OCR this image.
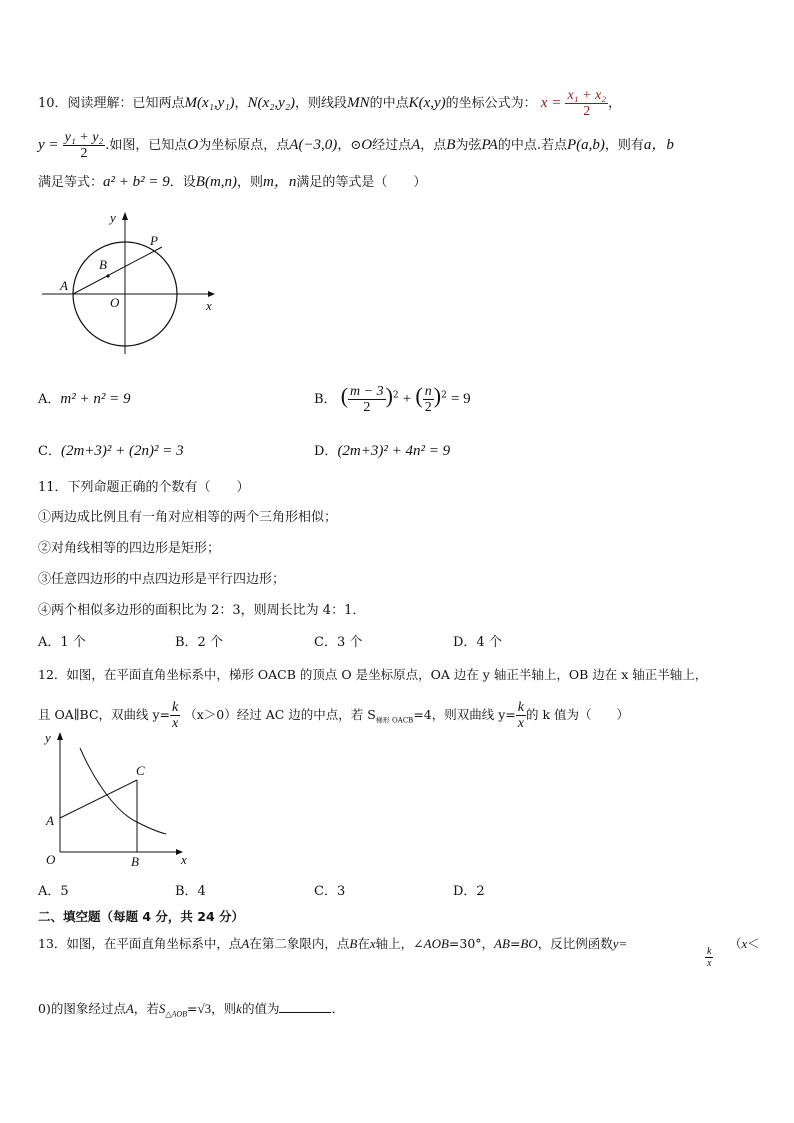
10．阅读理解：已知两点M(x₁,y₁)，N(x₂,y₂)，则线段MN的中点K(x,y)的坐标公式为： $x = \frac{\text{x₁ + x₂}}{2}$ ，
$y = \frac{\text{y₁ + y₂}}{2}$ .如图，已知点O为坐标原点，点A(−3,0)，⊙O经过点A，点B为弦PA的中点.若点P(a,b)，则有a，b
满足等式：a² + b² = 9．设B(m,n)，则m，n满足的等式是（　　）
y
P
B
A
O	x
A．m² + n² = 9	B． ( $\frac{m - 3}{2} )^2$ + ( $\frac{n}{2} )^2 = 9$
C．(2m+3)² + (2n)² = 3	D．(2m+3)² + 4n² = 9
11．下列命题正确的个数有（　　）
①两边成比例且有一角对应相等的两个三角形相似；
②对角线相等的四边形是矩形；
③任意四边形的中点四边形是平行四边形；
④两个相似多边形的面积比为 2：3，则周长比为 4：1．
A．1 个	B．2 个	C．3 个	D．4 个
12．如图，在平面直角坐标系中，梯形 OACB 的顶点 O 是坐标原点，OA 边在 y 轴正半轴上，OB 边在 x 轴正半轴上，
且 OA∥BC，双曲线 $y= \frac{k}{x} (x>0)$经过 AC 边的中点，若 $S_{梯形 OACB}=4$，则双曲线 $y= \frac{k}{x}$ 的 k 值为（　　）
y
C
A
O	B	x
A．5	B．4	C．3	D．2
二、填空题（每题 4 分，共 24 分）
13．如图，在平面直角坐标系中，点A在第二象限内，点B在x轴上，∠AOB=30°，AB=BO，反比例函数y=
$\frac{k}{x}$
（x＜
0)的图象经过点A，若$S_{\triangle AOB}=√3$，则k的值为	．
